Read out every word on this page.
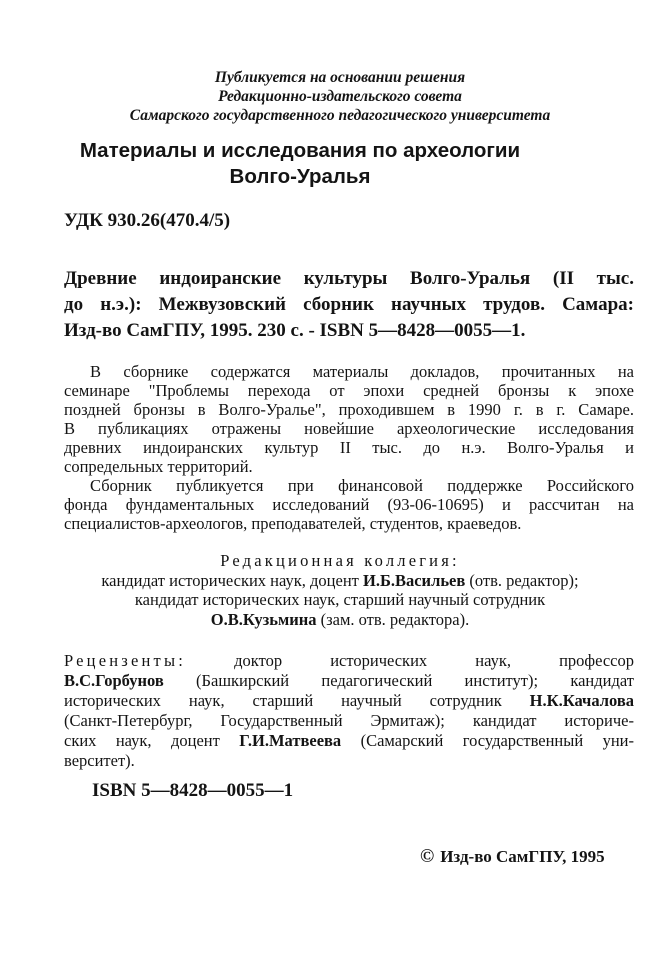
Публикуется на основании решения
Редакционно-издательского совета
Самарского государственного педагогического университета
Материалы и исследования по археологии
Волго-Уралья
УДК 930.26(470.4/5)
Древние индоиранские культуры Волго-Уралья (II тыс.
до н.э.): Межвузовский сборник научных трудов. Самара:
Изд-во СамГПУ, 1995. 230 с. - ISBN 5—8428—0055—1.
В сборнике содержатся материалы докладов, прочитанных на
семинаре "Проблемы перехода от эпохи средней бронзы к эпохе
поздней бронзы в Волго-Уралье", проходившем в 1990 г. в г. Самаре.
В публикациях отражены новейшие археологические исследования
древних индоиранских культур II тыс. до н.э. Волго-Уралья и
сопредельных территорий.
Сборник публикуется при финансовой поддержке Российского
фонда фундаментальных исследований (93-06-10695) и рассчитан на
специалистов-археологов, преподавателей, студентов, краеведов.
Редакционная коллегия:
кандидат исторических наук, доцент И.Б.Васильев (отв. редактор);
кандидат исторических наук, старший научный сотрудник
О.В.Кузьмина (зам. отв. редактора).
Рецензенты:	доктор исторических наук, профессор
В.С.Горбунов (Башкирский педагогический институт); кандидат
исторических наук, старший научный сотрудник Н.К.Качалова
(Санкт-Петербург, Государственный Эрмитаж); кандидат историче-
ских наук, доцент Г.И.Матвеева (Самарский государственный уни-
верситет).
ISBN 5—8428—0055—1
© Изд-во СамГПУ, 1995
